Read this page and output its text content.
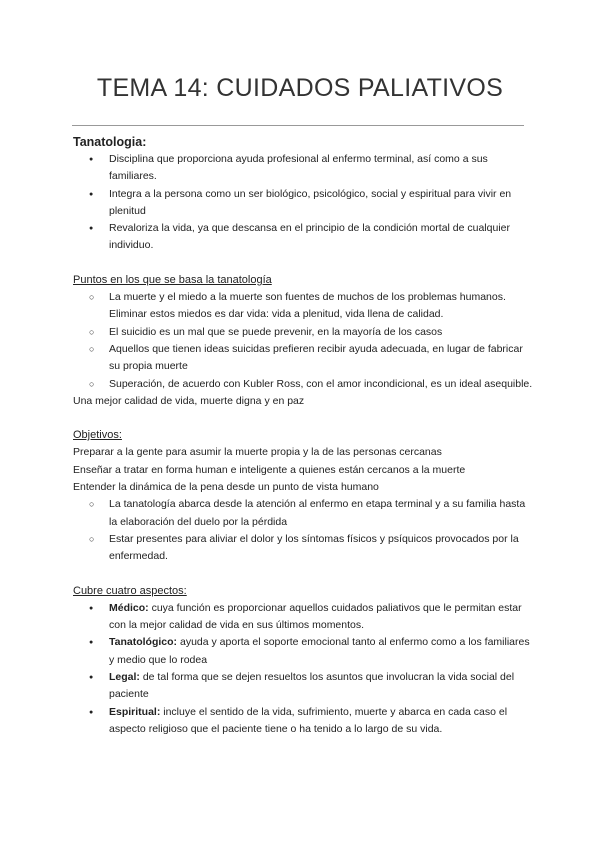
TEMA 14: CUIDADOS PALIATIVOS
Tanatologia:
● Disciplina que proporciona ayuda profesional al enfermo terminal, así como a sus familiares.
● Integra a la persona como un ser biológico, psicológico, social y espiritual para vivir en plenitud
● Revaloriza la vida, ya que descansa en el principio de la condición mortal de cualquier individuo.
Puntos en los que se basa la tanatología
○ La muerte y el miedo a la muerte son fuentes de muchos de los problemas humanos. Eliminar estos miedos es dar vida: vida a plenitud, vida llena de calidad.
○ El suicidio es un mal que se puede prevenir, en la mayoría de los casos
○ Aquellos que tienen ideas suicidas prefieren recibir ayuda adecuada, en lugar de fabricar su propia muerte
○ Superación, de acuerdo con Kubler Ross, con el amor incondicional, es un ideal asequible.
Una mejor calidad de vida, muerte digna y en paz
Objetivos:
Preparar a la gente para asumir la muerte propia y la de las personas cercanas
Enseñar a tratar en forma human e inteligente a quienes están cercanos a la muerte
Entender la dinámica de la pena desde un punto de vista humano
○ La tanatología abarca desde la atención al enfermo en etapa terminal y a su familia hasta la elaboración del duelo por la pérdida
○ Estar presentes para aliviar el dolor y los síntomas físicos y psíquicos provocados por la enfermedad.
Cubre cuatro aspectos:
● Médico: cuya función es proporcionar aquellos cuidados paliativos que le permitan estar con la mejor calidad de vida en sus últimos momentos.
● Tanatológico: ayuda y aporta el soporte emocional tanto al enfermo como a los familiares y medio que lo rodea
● Legal: de tal forma que se dejen resueltos los asuntos que involucran la vida social del paciente
● Espiritual: incluye el sentido de la vida, sufrimiento, muerte y abarca en cada caso el aspecto religioso que el paciente tiene o ha tenido a lo largo de su vida.
